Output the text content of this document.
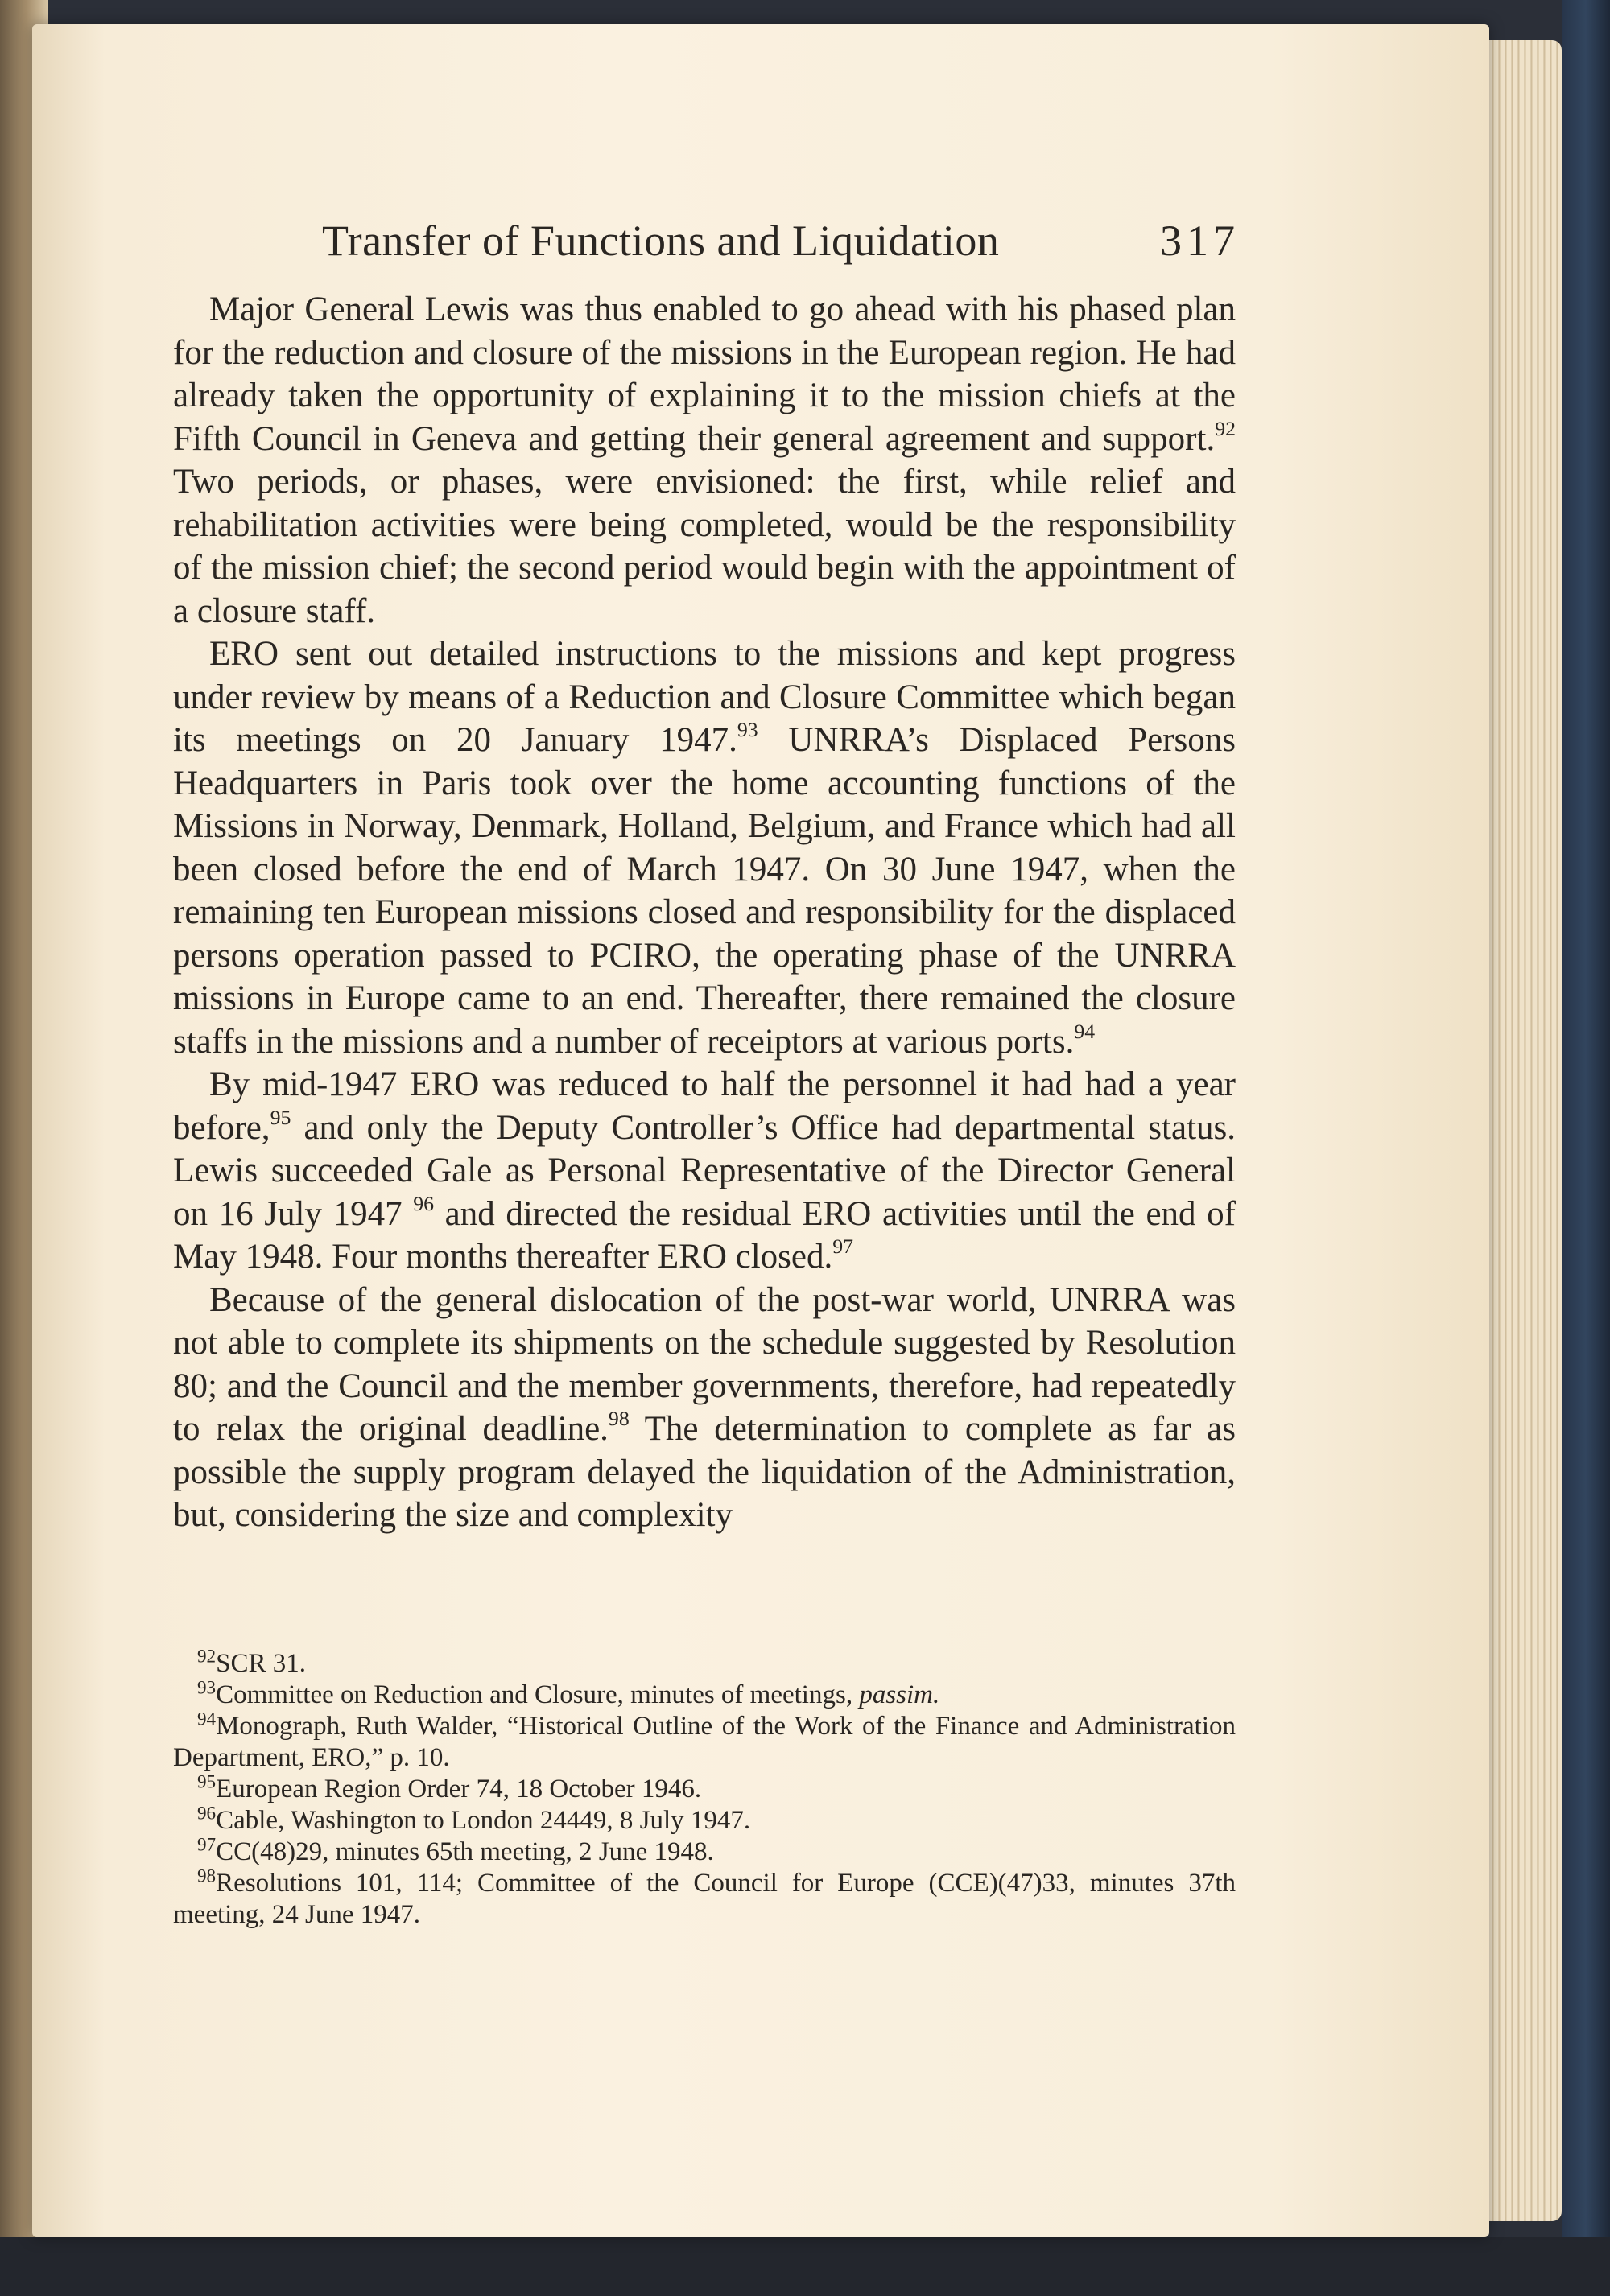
Transfer of Functions and Liquidation	317

Major General Lewis was thus enabled to go ahead with his phased plan for the reduction and closure of the missions in the European region. He had already taken the opportunity of explaining it to the mission chiefs at the Fifth Council in Geneva and getting their general agreement and support.$^{92}$ Two periods, or phases, were envisioned: the first, while relief and rehabilitation activities were being completed, would be the responsibility of the mission chief; the second period would begin with the appointment of a closure staff.

ERO sent out detailed instructions to the missions and kept progress under review by means of a Reduction and Closure Committee which began its meetings on 20 January 1947.93 UNRRA’s Displaced Persons Headquarters in Paris took over the home accounting functions of the Missions in Norway, Denmark, Holland, Belgium, and France which had all been closed before the end of March 1947. On 30 June 1947, when the remaining ten European missions closed and responsibility for the displaced persons operation passed to PCIRO, the operating phase of the UNRRA missions in Europe came to an end. Thereafter, there remained the closure staffs in the missions and a number of receiptors at various ports.$^{94}$

By mid-1947 ERO was reduced to half the personnel it had had a year before,$^{95}$ and only the Deputy Controller’s Office had departmental status. Lewis succeeded Gale as Personal Representative of the Director General on 16 July 1947 $^{96}$ and directed the residual ERO activities until the end of May 1948. Four months thereafter ERO closed.$^{97}$

Because of the general dislocation of the post-war world, UNRRA was not able to complete its shipments on the schedule suggested by Resolution 80; and the Council and the member governments, therefore, had repeatedly to relax the original deadline.$^{98}$ The determination to complete as far as possible the supply program delayed the liquidation of the Administration, but, considering the size and complexity

$^{92}$SCR 31.

$^{93}$Committee on Reduction and Closure, minutes of meetings, passim.

$^{94}$Monograph, Ruth Walder, “Historical Outline of the Work of the Finance and Administration Department, ERO,” p. 10.

$^{95}$European Region Order 74, 18 October 1946.

$^{96}$Cable, Washington to London 24449, 8 July 1947.

$^{97}$CC(48)29, minutes 65th meeting, 2 June 1948.

$^{98}$Resolutions 101, 114; Committee of the Council for Europe (CCE)(47)33, minutes 37th meeting, 24 June 1947.
